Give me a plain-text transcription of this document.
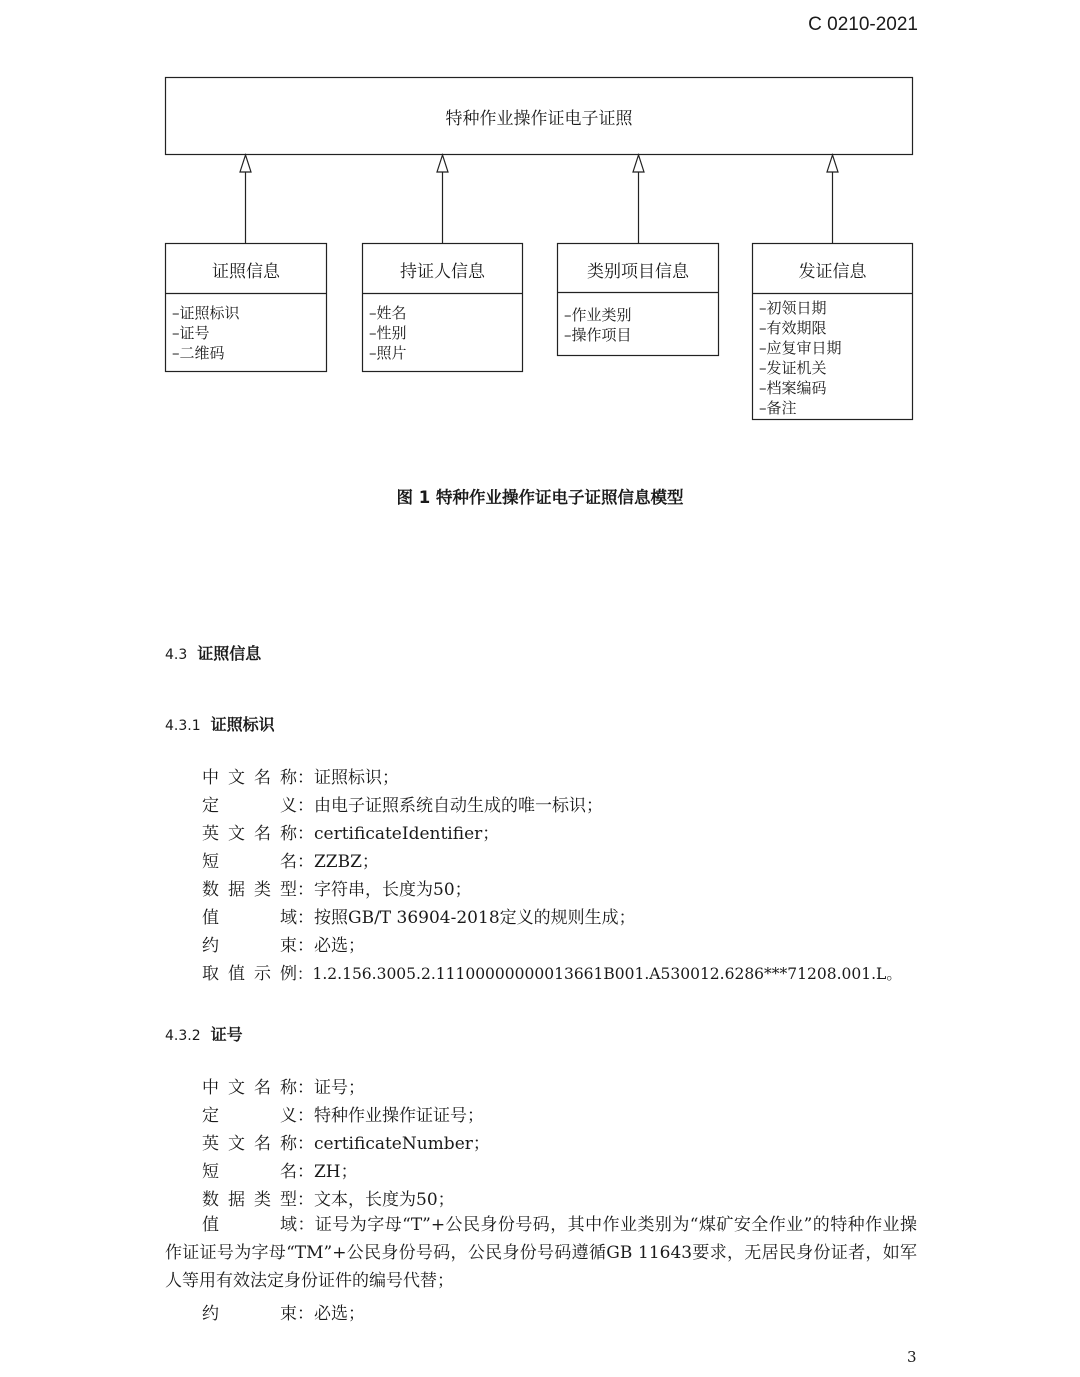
C 0210-2021
特种作业操作证电子证照
证照信息
–证照标识
–证号
–二维码
持证人信息
–姓名
–性别
–照片
类别项目信息
–作业类别
–操作项目
发证信息
–初领日期
–有效期限
–应复审日期
–发证机关
–档案编码
–备注
图 1 特种作业操作证电子证照信息模型
4.3 证照信息
4.3.1 证照标识
中文名称：证照标识；
定义：由电子证照系统自动生成的唯一标识；
英文名称：certificateIdentifier；
短名：ZZBZ；
数据类型：字符串，长度为50；
值域：按照GB/T 36904-2018定义的规则生成；
约束：必选；
取值示例：1.2.156.3005.2.11100000000013661B001.A530012.6286***71208.001.L。
4.3.2 证号
中文名称：证号；
定义：特种作业操作证证号；
英文名称：certificateNumber；
短名：ZH；
数据类型：文本，长度为50；
值域：证号为字母“T”+公民身份号码，其中作业类别为“煤矿安全作业”的特种作业操作证证号为字母“TM”+公民身份号码，公民身份号码遵循GB 11643要求，无居民身份证者，如军人等用有效法定身份证件的编号代替；
约束：必选；
3
